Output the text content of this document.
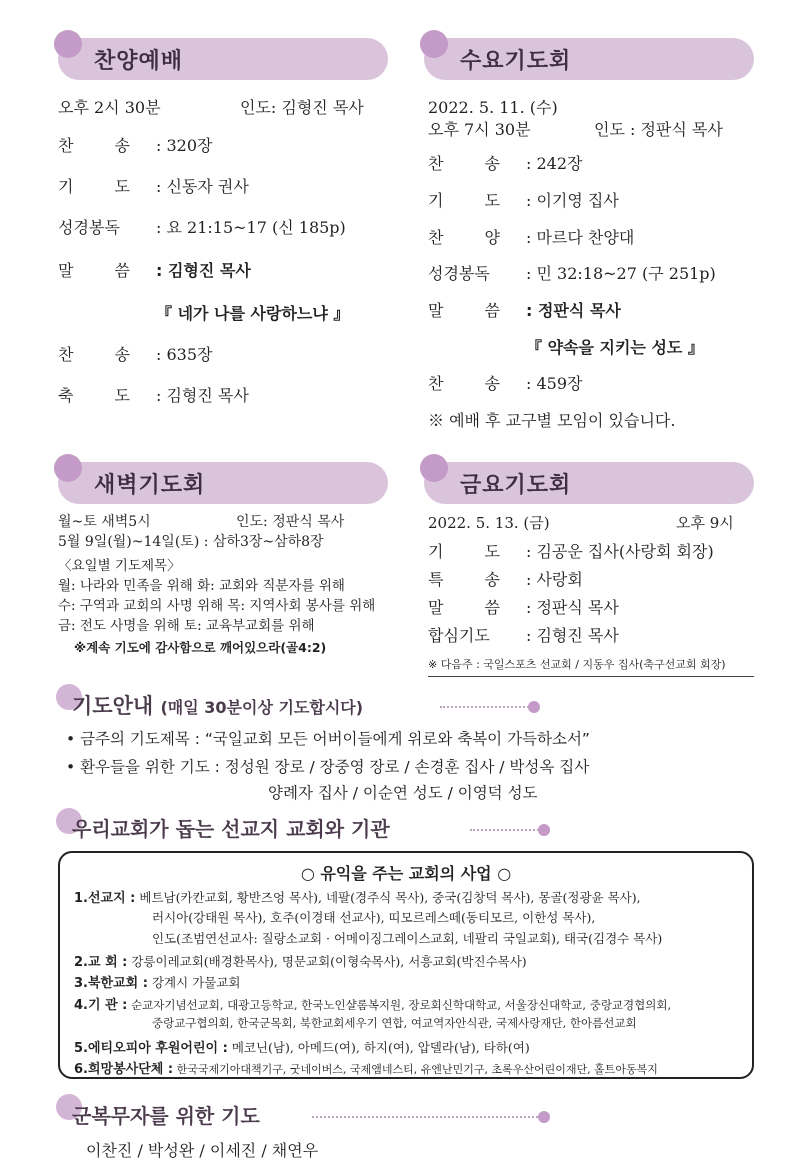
찬양예배
오후 2시 30분	인도: 김형진 목사
찬 송 : 320장
기 도 : 신동자 권사
성경봉독 : 요 21:15~17 (신 185p)
말 씀 : 김형진 목사
『 네가 나를 사랑하느냐 』
찬 송 : 635장
축 도 : 김형진 목사
수요기도회
2022. 5. 11. (수)
오후 7시 30분	인도 : 정판식 목사
찬 송 : 242장
기 도 : 이기영 집사
찬 양 : 마르다 찬양대
성경봉독 : 민 32:18~27 (구 251p)
말 씀 : 정판식 목사
『 약속을 지키는 성도 』
찬 송 : 459장
※ 예배 후 교구별 모임이 있습니다.
새벽기도회
월~토 새벽5시	인도: 정판식 목사
5월 9일(월)~14일(토) : 삼하3장~삼하8장
〈요일별 기도제목〉
월: 나라와 민족을 위해 화: 교회와 직분자를 위해
수: 구역과 교회의 사명 위해 목: 지역사회 봉사를 위해
금: 전도 사명을 위해 토: 교육부교회를 위해
※계속 기도에 감사함으로 깨어있으라(골4:2)
금요기도회
2022. 5. 13. (금)	오후 9시
기 도 : 김공운 집사(사랑회 회장)
특 송 : 사랑회
말 씀 : 정판식 목사
합심기도 : 김형진 목사
※ 다음주 : 국일스포츠 선교회 / 지동우 집사(축구선교회 회장)
기도안내 (매일 30분이상 기도합시다)
• 금주의 기도제목 : “국일교회 모든 어버이들에게 위로와 축복이 가득하소서”
• 환우들을 위한 기도 : 정성원 장로 / 장중영 장로 / 손경훈 집사 / 박성옥 집사
양례자 집사 / 이순연 성도 / 이영덕 성도
우리교회가 돕는 선교지 교회와 기관
○ 유익을 주는 교회의 사업 ○
1.선교지 : 베트남(카칸교회, 황반즈엉 목사), 네팔(경주식 목사), 중국(김창덕 목사), 몽골(정광윤 목사),
러시아(강태원 목사), 호주(이경태 선교사), 띠모르레스떼(동티모르, 이한성 목사),
인도(조범연선교사: 질랑소교회 · 어메이징그레이스교회, 네팔리 국일교회), 태국(김경수 목사)
2.교 회 : 강릉이레교회(배경환목사), 명문교회(이형숙목사), 서흥교회(박진수목사)
3.북한교회 : 강계시 가물교회
4.기 관 : 순교자기념선교회, 대광고등학교, 한국노인샬롬복지원, 장로회신학대학교, 서울장신대학교, 중랑교경협의회,
중랑교구협의회, 한국군목회, 북한교회세우기 연합, 여교역자안식관, 국제사랑재단, 한아름선교회
5.에티오피아 후원어린이 : 메코닌(남), 아메드(여), 하지(여), 압델라(남), 타하(여)
6.희망봉사단체 : 한국국제기아대책기구, 굿네이버스, 국제앰네스티, 유엔난민기구, 초록우산어린이재단, 홀트아동복지
군복무자를 위한 기도
이찬진 / 박성완 / 이세진 / 채연우
